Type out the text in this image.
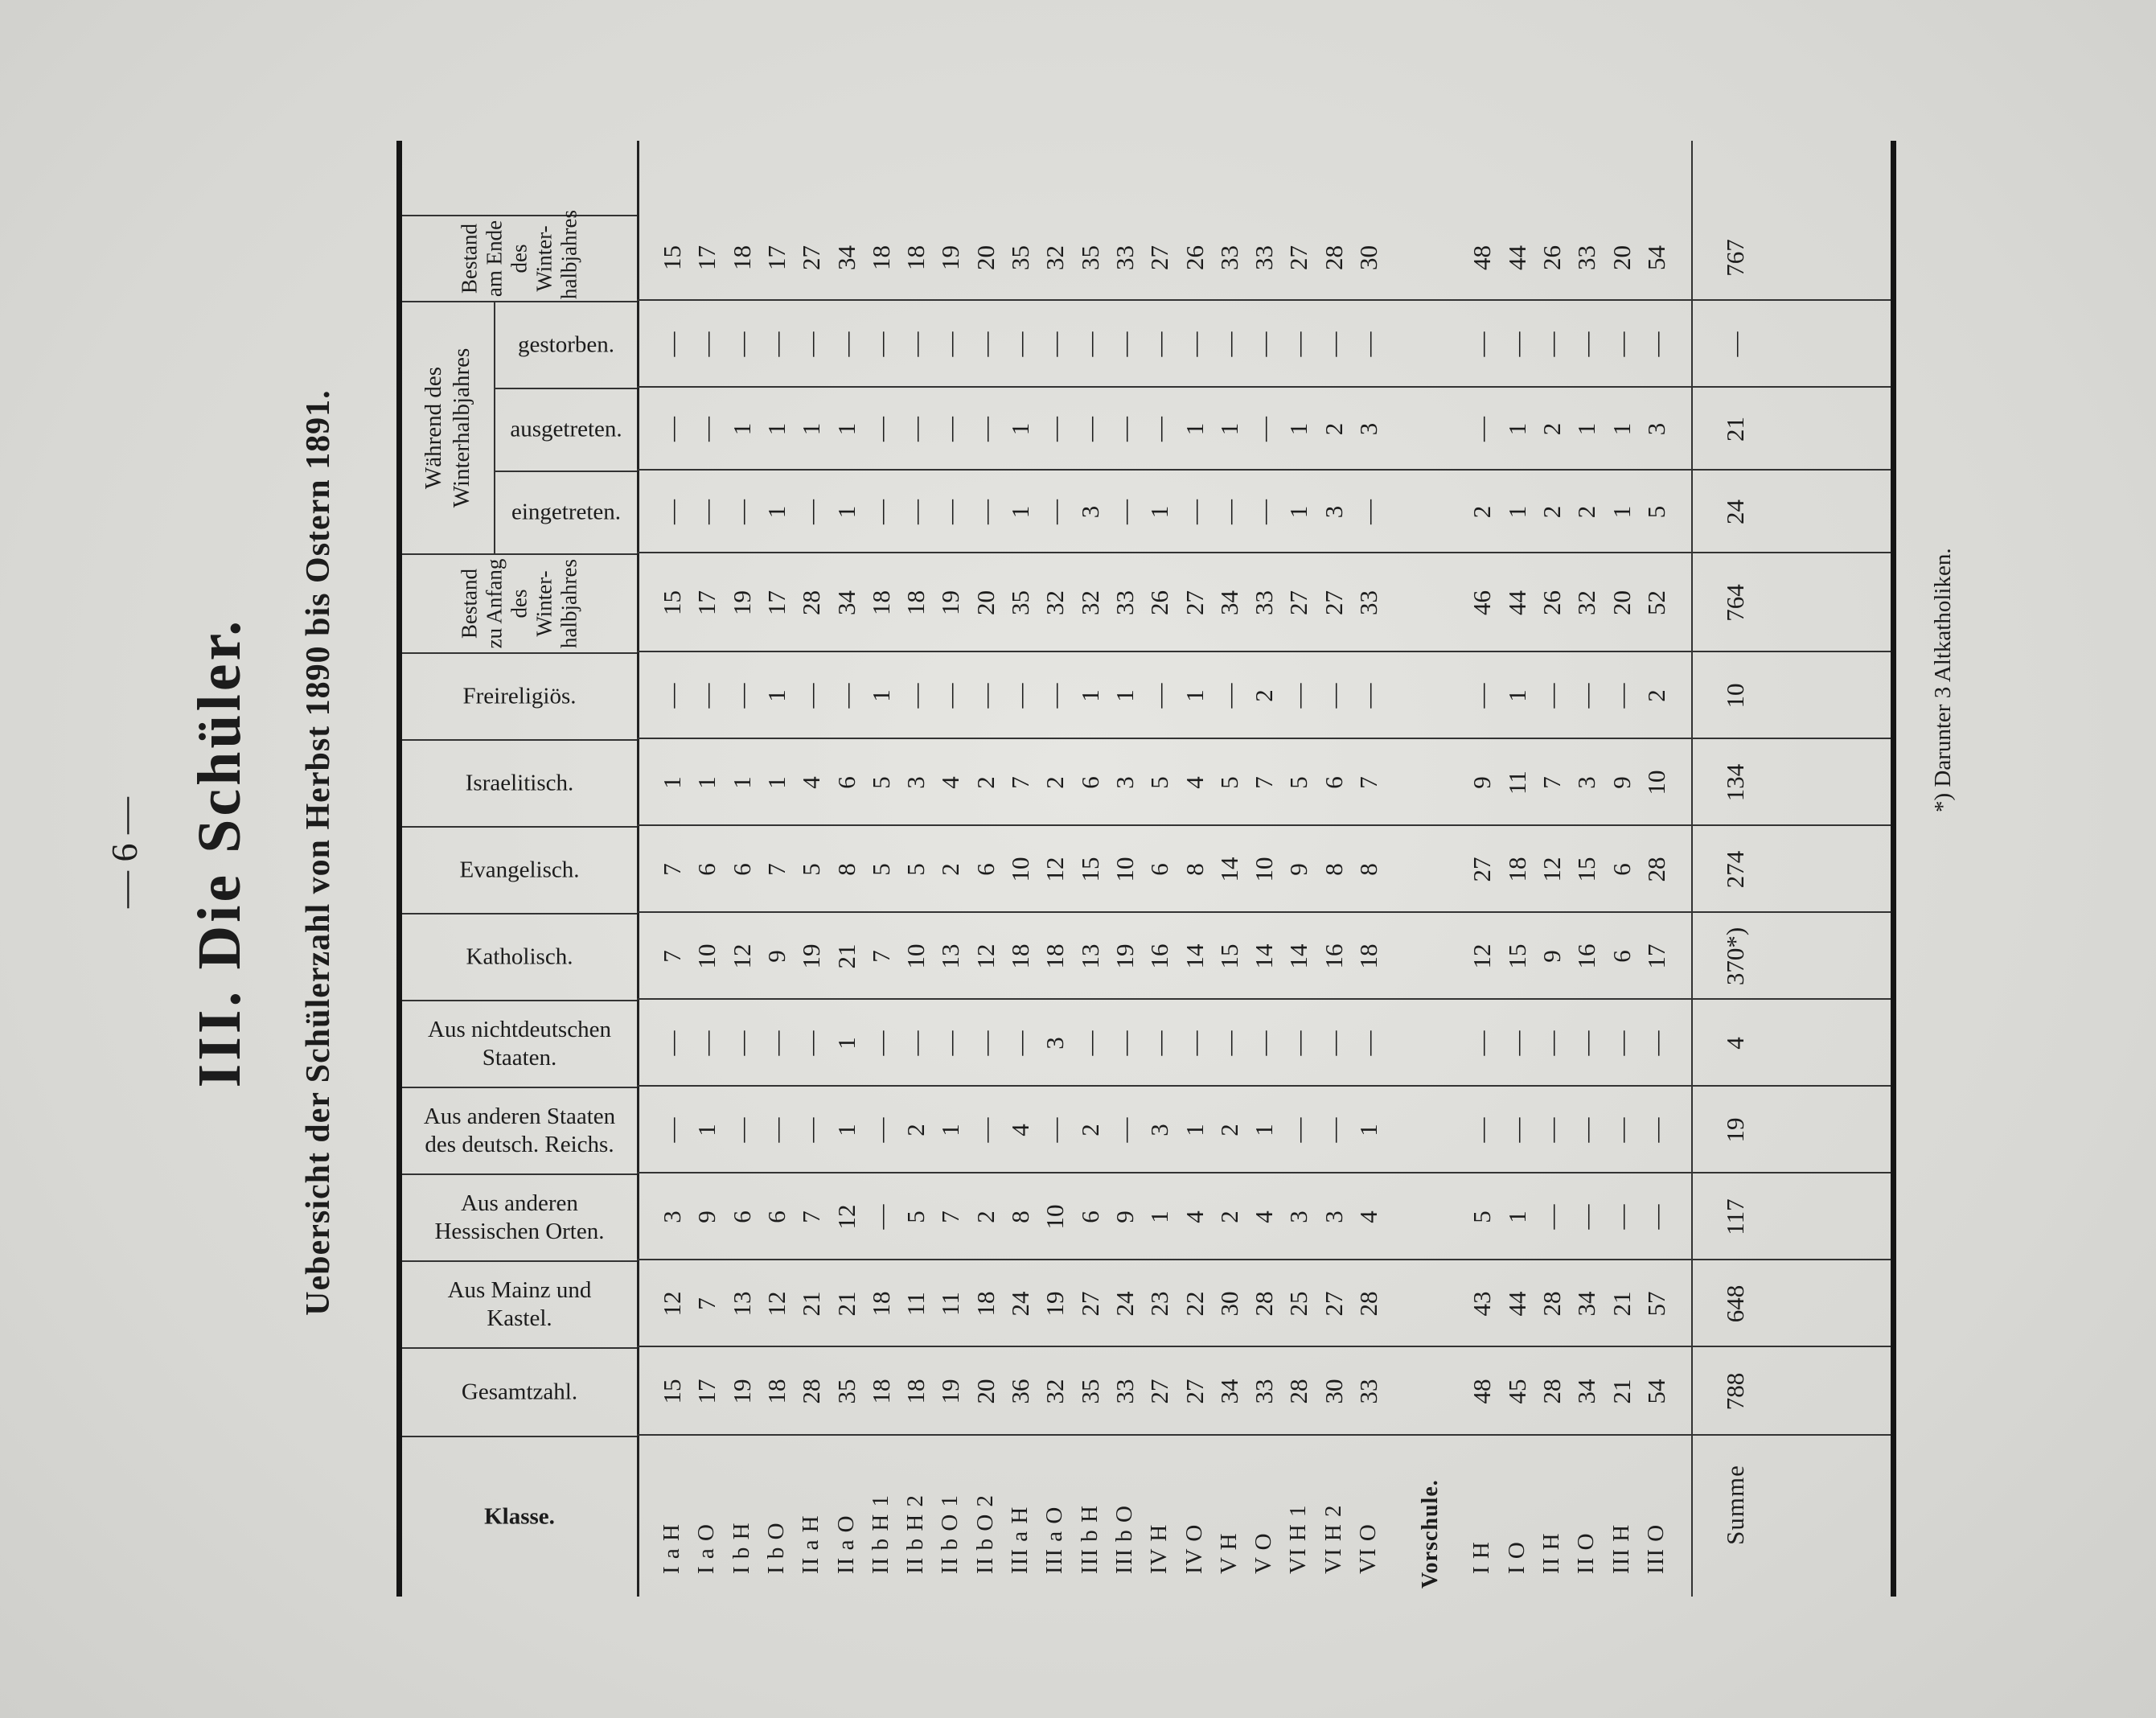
— 6 — III. Die Schüler. Uebersicht der Schülerzahl von Herbst 1890 bis Ostern 1891.
Klasse.
Gesamtzahl.
Aus Mainz und Kastel.
Aus anderen Hessischen Orten.
Aus anderen Staaten des deutsch. Reichs.
Aus nichtdeutschen Staaten.
Katholisch.
Evangelisch.
Israelitisch.
Freireligiös.
Bestand zu Anfang des Winter-halbjahres
eingetreten.
ausgetreten.
gestorben.
Bestand am Ende des Winter-halbjahres
Während des Winterhalbjahres
I a H
15
12
3
—
—
7
7
1
—
15
—
—
—
15
I a O
17
7
9
1
—
10
6
1
—
17
—
—
—
17
I b H
19
13
6
—
—
12
6
1
—
19
—
1
—
18
I b O
18
12
6
—
—
9
7
1
1
17
1
1
—
17
II a H
28
21
7
—
—
19
5
4
—
28
—
1
—
27
II a O
35
21
12
1
1
21
8
6
—
34
1
1
—
34
II b H 1
18
18
—
—
—
7
5
5
1
18
—
—
—
18
II b H 2
18
11
5
2
—
10
5
3
—
18
—
—
—
18
II b O 1
19
11
7
1
—
13
2
4
—
19
—
—
—
19
II b O 2
20
18
2
—
—
12
6
2
—
20
—
—
—
20
III a H
36
24
8
4
—
18
10
7
—
35
1
1
—
35
III a O
32
19
10
—
3
18
12
2
—
32
—
—
—
32
III b H
35
27
6
2
—
13
15
6
1
32
3
—
—
35
III b O
33
24
9
—
—
19
10
3
1
33
—
—
—
33
IV H
27
23
1
3
—
16
6
5
—
26
1
—
—
27
IV O
27
22
4
1
—
14
8
4
1
27
—
1
—
26
V H
34
30
2
2
—
15
14
5
—
34
—
1
—
33
V O
33
28
4
1
—
14
10
7
2
33
—
—
—
33
VI H 1
28
25
3
—
—
14
9
5
—
27
1
1
—
27
VI H 2
30
27
3
—
—
16
8
6
—
27
3
2
—
28
VI O
33
28
4
1
—
18
8
7
—
33
—
3
—
30
Vorschule.	I H
48
43
5
—
—
12
27
9
—
46
2
—
—
48
I O
45
44
1
—
—
15
18
11
1
44
1
1
—
44
II H
28
28
—
—
—
9
12
7
—
26
2
2
—
26
II O
34
34
—
—
—
16
15
3
—
32
2
1
—
33
III H
21
21
—
—
—
6
6
9
—
20
1
1
—
20
III O
54
57
—
—
—
17
28
10
2
52
5
3
—
54
Summe
788
648
117
19
4
370*)
274
134
10
764
24
21
—
767
*) Darunter 3 Altkatholiken.
